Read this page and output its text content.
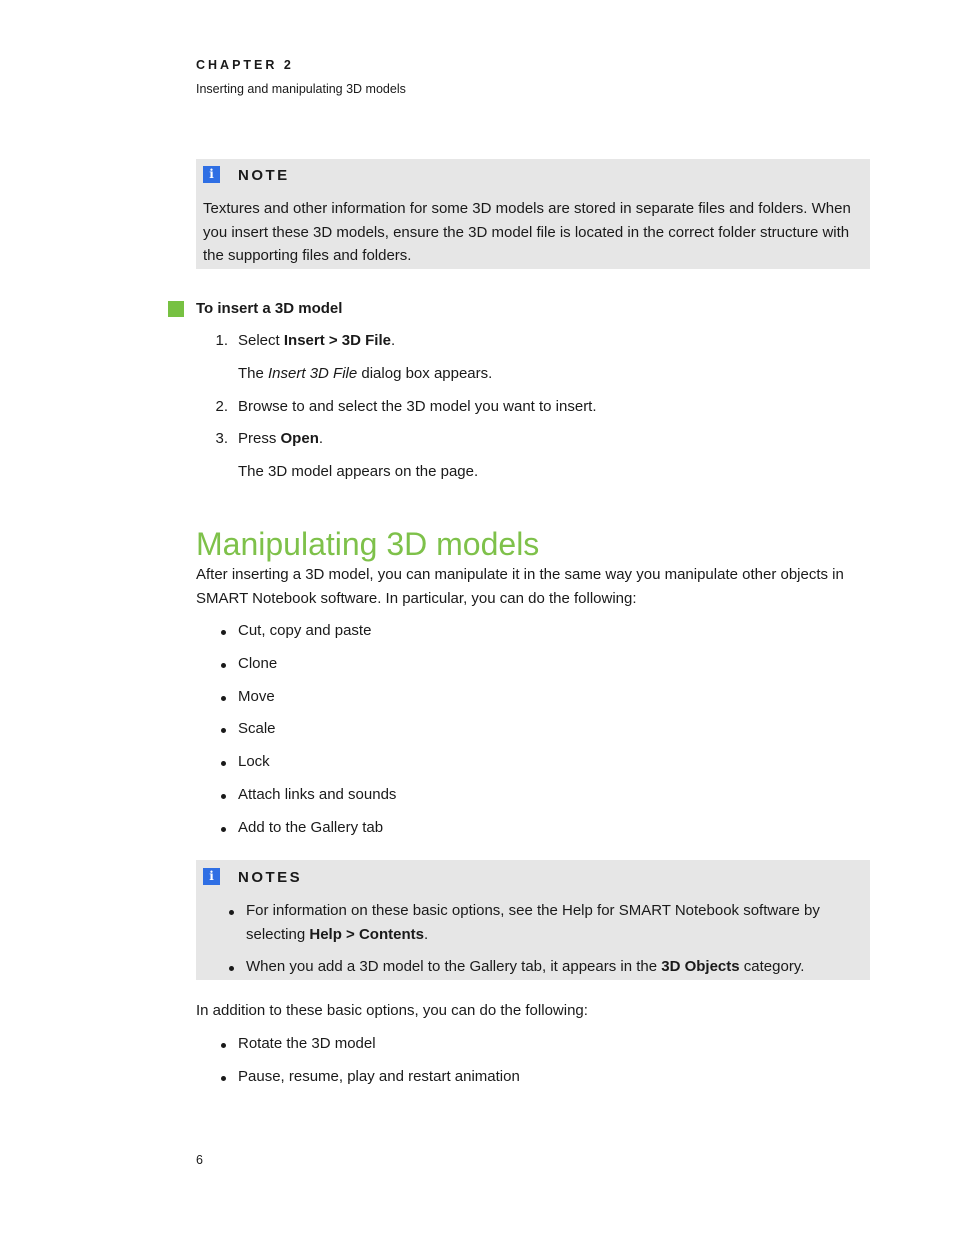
CHAPTER 2
Inserting and manipulating 3D models
i	NOTE
Textures and other information for some 3D models are stored in separate files and folders. When you insert these 3D models, ensure the 3D model file is located in the correct folder structure with the supporting files and folders.
To insert a 3D model
1. Select Insert > 3D File.
The Insert 3D File dialog box appears.
2. Browse to and select the 3D model you want to insert.
3. Press Open.
The 3D model appears on the page.
Manipulating 3D models
After inserting a 3D model, you can manipulate it in the same way you manipulate other objects in SMART Notebook software. In particular, you can do the following:
Cut, copy and paste
Clone
Move
Scale
Lock
Attach links and sounds
Add to the Gallery tab
i	NOTES
For information on these basic options, see the Help for SMART Notebook software by selecting Help > Contents.
When you add a 3D model to the Gallery tab, it appears in the 3D Objects category.
In addition to these basic options, you can do the following:
Rotate the 3D model
Pause, resume, play and restart animation
6
